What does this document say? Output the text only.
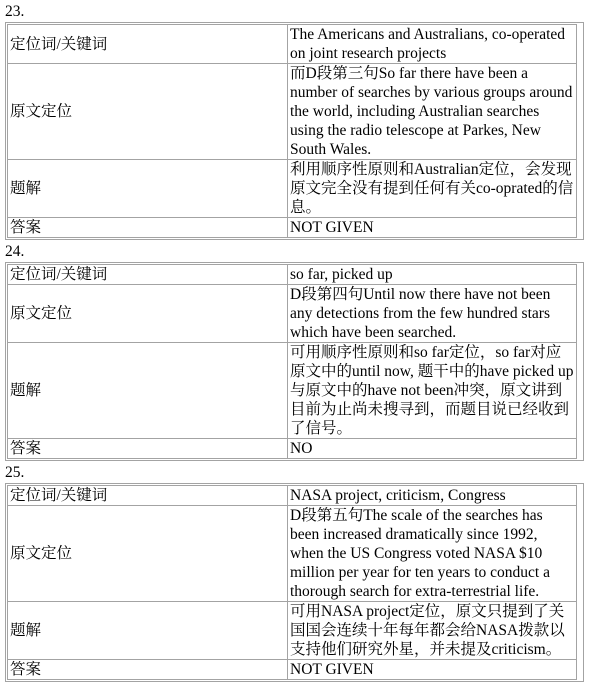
23.
定位词/关键词	The Americans and Australians, co-operated on joint research projects
原文定位	而D段第三句So far there have been a number of searches by various groups around the world, including Australian searches using the radio telescope at Parkes, New South Wales.
题解	利用顺序性原则和Australian定位，会发现原文完全没有提到任何有关co-oprated的信息。
答案	NOT GIVEN
24.
定位词/关键词	so far, picked up
原文定位	D段第四句Until now there have not been any detections from the few hundred stars which have been searched.
题解	可用顺序性原则和so far定位，so far对应原文中的until now, 题干中的have picked up与原文中的have not been冲突，原文讲到目前为止尚未搜寻到，而题目说已经收到了信号。
答案	NO
25.
定位词/关键词	NASA project, criticism, Congress
原文定位	D段第五句The scale of the searches has been increased dramatically since 1992, when the US Congress voted NASA $10 million per year for ten years to conduct a thorough search for extra-terrestrial life.
题解	可用NASA project定位，原文只提到了关国国会连续十年每年都会给NASA拨款以支持他们研究外星，并未提及criticism。
答案	NOT GIVEN
